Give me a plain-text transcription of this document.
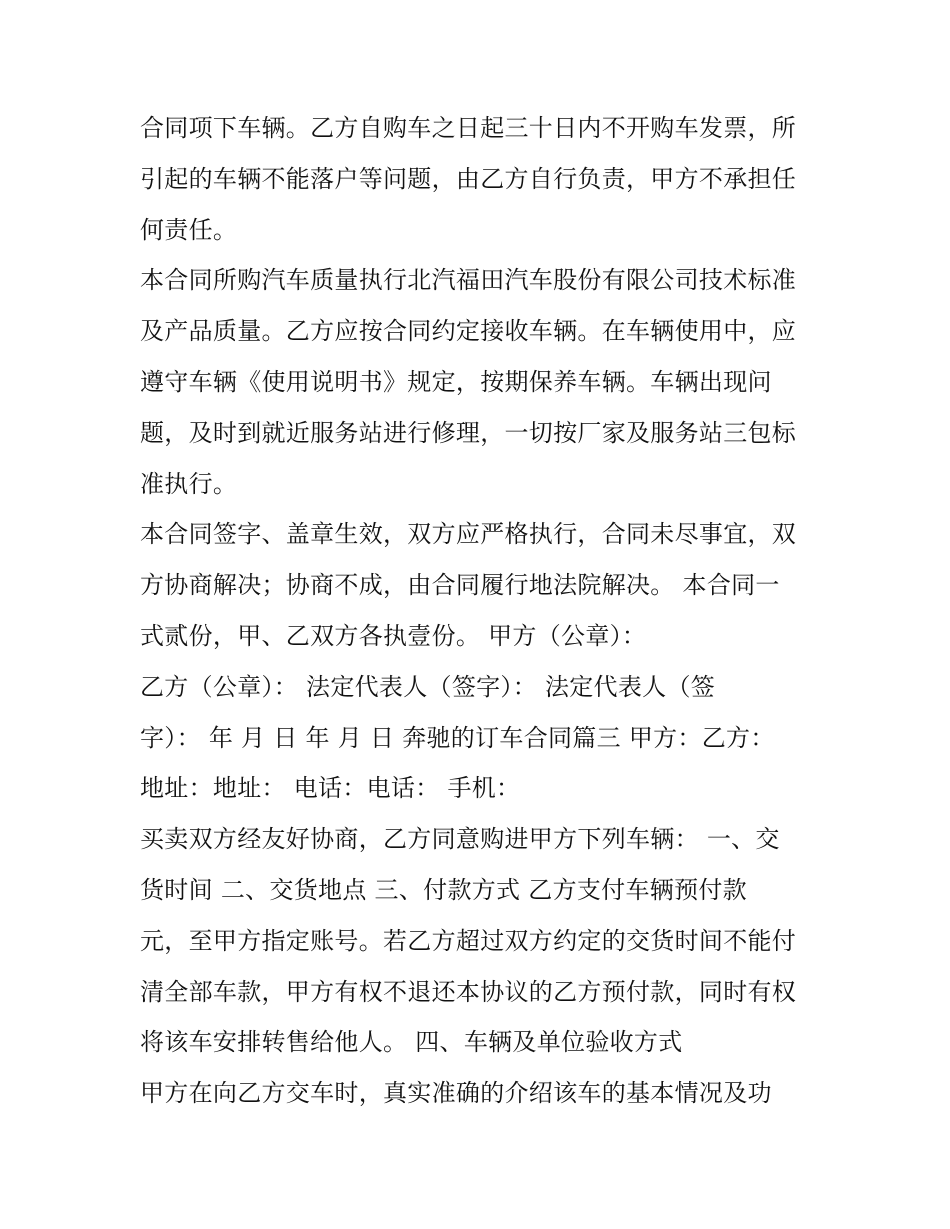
合同项下车辆。乙方自购车之日起三十日内不开购车发票，所
引起的车辆不能落户等问题，由乙方自行负责，甲方不承担任
何责任。
本合同所购汽车质量执行北汽福田汽车股份有限公司技术标准
及产品质量。乙方应按合同约定接收车辆。在车辆使用中，应
遵守车辆《使用说明书》规定，按期保养车辆。车辆出现问
题，及时到就近服务站进行修理，一切按厂家及服务站三包标
准执行。
本合同签字、盖章生效，双方应严格执行，合同未尽事宜，双
方协商解决；协商不成，由合同履行地法院解决。 本合同一
式贰份，甲、乙双方各执壹份。 甲方（公章）：
乙方（公章）： 法定代表人（签字）： 法定代表人（签
字）： 年 月 日 年 月 日 奔驰的订车合同篇三 甲方：乙方：
地址：地址： 电话：电话： 手机：
买卖双方经友好协商，乙方同意购进甲方下列车辆： 一、交
货时间 二、交货地点 三、付款方式 乙方支付车辆预付款
元，至甲方指定账号。若乙方超过双方约定的交货时间不能付
清全部车款，甲方有权不退还本协议的乙方预付款，同时有权
将该车安排转售给他人。 四、车辆及单位验收方式
甲方在向乙方交车时，真实准确的介绍该车的基本情况及功
